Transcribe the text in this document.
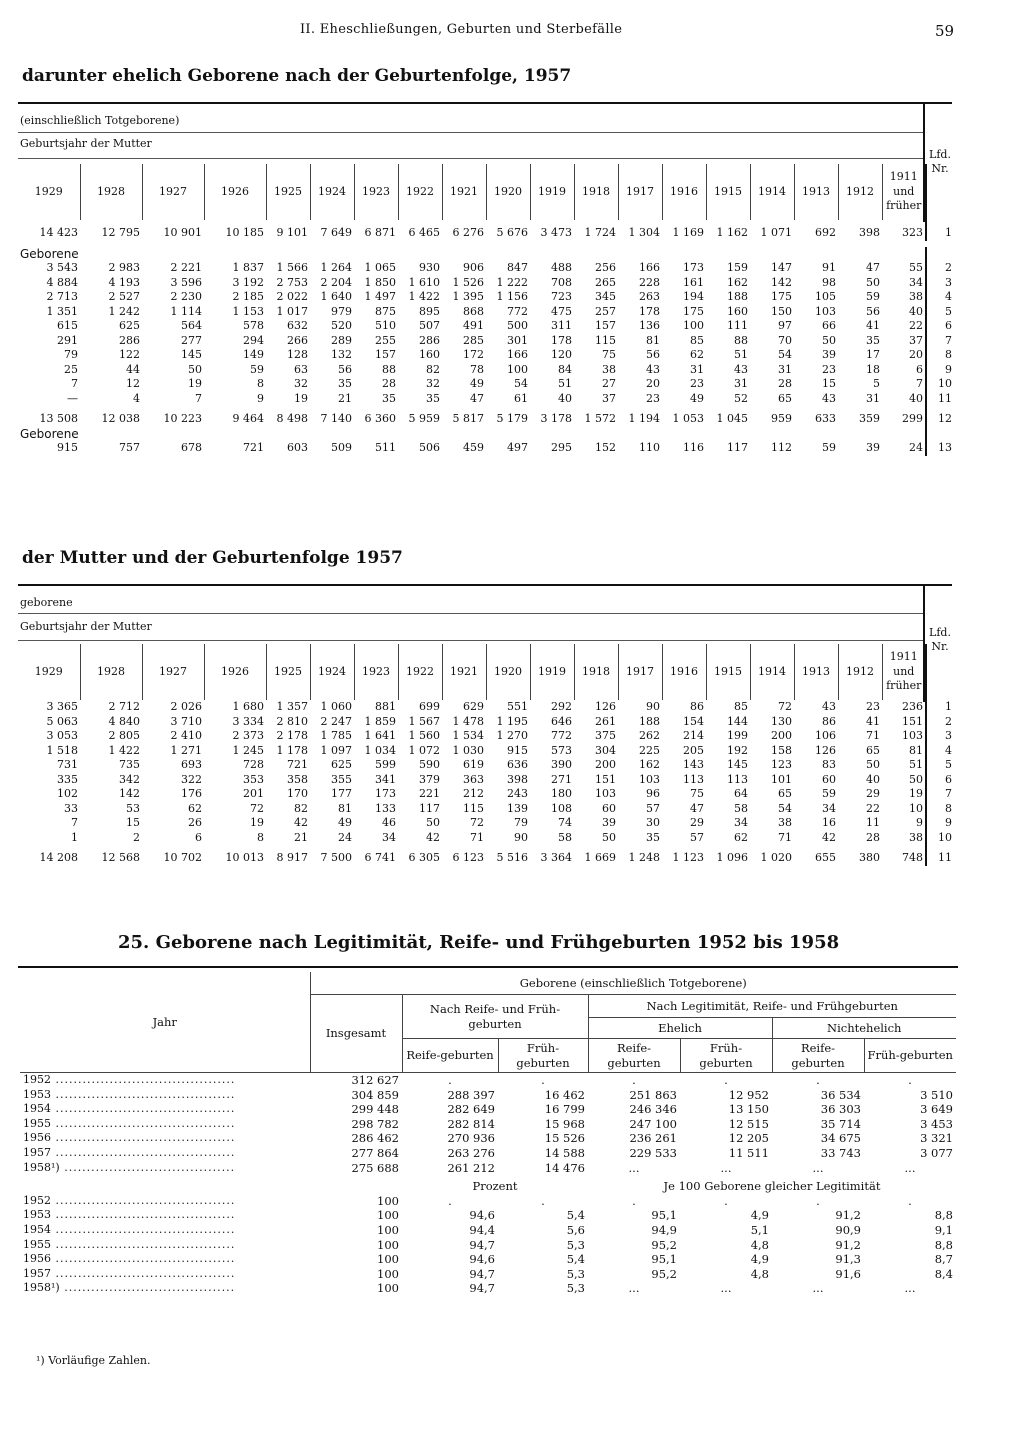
II. Eheschließungen, Geburten und Sterbefälle	59
darunter ehelich Geborene nach der Geburtenfolge, 1957
(einschließlich Totgeborene)
Geburtsjahr der Mutter
Lfd. Nr.
1929	1928	1927	1926	1925	1924	1923	1922	1921	1920	1919	1918	1917	1916	1915	1914	1913	1912	1911 und früher	
14 423	12 795	10 901	10 185	9 101	7 649	6 871	6 465	6 276	5 676	3 473	1 724	1 304	1 169	1 162	1 071	692	398	323	1

Geborene																			
3 543	2 983	2 221	1 837	1 566	1 264	1 065	930	906	847	488	256	166	173	159	147	91	47	55	2
4 884	4 193	3 596	3 192	2 753	2 204	1 850	1 610	1 526	1 222	708	265	228	161	162	142	98	50	34	3
2 713	2 527	2 230	2 185	2 022	1 640	1 497	1 422	1 395	1 156	723	345	263	194	188	175	105	59	38	4
1 351	1 242	1 114	1 153	1 017	979	875	895	868	772	475	257	178	175	160	150	103	56	40	5
615	625	564	578	632	520	510	507	491	500	311	157	136	100	111	97	66	41	22	6
291	286	277	294	266	289	255	286	285	301	178	115	81	85	88	70	50	35	37	7
79	122	145	149	128	132	157	160	172	166	120	75	56	62	51	54	39	17	20	8
25	44	50	59	63	56	88	82	78	100	84	38	43	31	43	31	23	18	6	9
7	12	19	8	32	35	28	32	49	54	51	27	20	23	31	28	15	5	7	10
—	4	7	9	19	21	35	35	47	61	40	37	23	49	52	65	43	31	40	11
13 508	12 038	10 223	9 464	8 498	7 140	6 360	5 959	5 817	5 179	3 178	1 572	1 194	1 053	1 045	959	633	359	299	12
Geborene																			
915	757	678	721	603	509	511	506	459	497	295	152	110	116	117	112	59	39	24	13
der Mutter und der Geburtenfolge 1957
geborene
Geburtsjahr der Mutter	Lfd. Nr.
1929	1928	1927	1926	1925	1924	1923	1922	1921	1920	1919	1918	1917	1916	1915	1914	1913	1912	1911 und früher	
3 365	2 712	2 026	1 680	1 357	1 060	881	699	629	551	292	126	90	86	85	72	43	23	236	1
5 063	4 840	3 710	3 334	2 810	2 247	1 859	1 567	1 478	1 195	646	261	188	154	144	130	86	41	151	2
3 053	2 805	2 410	2 373	2 178	1 785	1 641	1 560	1 534	1 270	772	375	262	214	199	200	106	71	103	3
1 518	1 422	1 271	1 245	1 178	1 097	1 034	1 072	1 030	915	573	304	225	205	192	158	126	65	81	4
731	735	693	728	721	625	599	590	619	636	390	200	162	143	145	123	83	50	51	5
335	342	322	353	358	355	341	379	363	398	271	151	103	113	113	101	60	40	50	6
102	142	176	201	170	177	173	221	212	243	180	103	96	75	64	65	59	29	19	7
33	53	62	72	82	81	133	117	115	139	108	60	57	47	58	54	34	22	10	8
7	15	26	19	42	49	46	50	72	79	74	39	30	29	34	38	16	11	9	9
1	2	6	8	21	24	34	42	71	90	58	50	35	57	62	71	42	28	38	10
14 208	12 568	10 702	10 013	8 917	7 500	6 741	6 305	6 123	5 516	3 364	1 669	1 248	1 123	1 096	1 020	655	380	748	11
25. Geborene nach Legitimität, Reife- und Frühgeburten 1952 bis 1958
Jahr	Geborene (einschließlich Totgeborene)						
	Insgesamt	Nach Reife- und Früh-geburten		Nach Legitimität, Reife- und Frühgeburten			
				Ehelich		Nichtehelich	
		Reife-geburten	Früh-geburten	Reife-geburten	Früh-geburten	Reife-geburten	Früh-geburten
1952 ........................................	312 627	.	.	.	.	.	.
1953 ........................................	304 859	288 397	16 462	251 863	12 952	36 534	3 510
1954 ........................................	299 448	282 649	16 799	246 346	13 150	36 303	3 649
1955 ........................................	298 782	282 814	15 968	247 100	12 515	35 714	3 453
1956 ........................................	286 462	270 936	15 526	236 261	12 205	34 675	3 321
1957 ........................................	277 864	263 276	14 588	229 533	11 511	33 743	3 077
1958¹) ......................................	275 688	261 212	14 476	...	...	...	...
		Prozent		Je 100 Geborene gleicher Legitimität			
1952 ........................................	100	.	.	.	.	.	.
1953 ........................................	100	94,6	5,4	95,1	4,9	91,2	8,8
1954 ........................................	100	94,4	5,6	94,9	5,1	90,9	9,1
1955 ........................................	100	94,7	5,3	95,2	4,8	91,2	8,8
1956 ........................................	100	94,6	5,4	95,1	4,9	91,3	8,7
1957 ........................................	100	94,7	5,3	95,2	4,8	91,6	8,4
1958¹) ......................................	100	94,7	5,3	...	...	...	...
¹) Vorläufige Zahlen.
